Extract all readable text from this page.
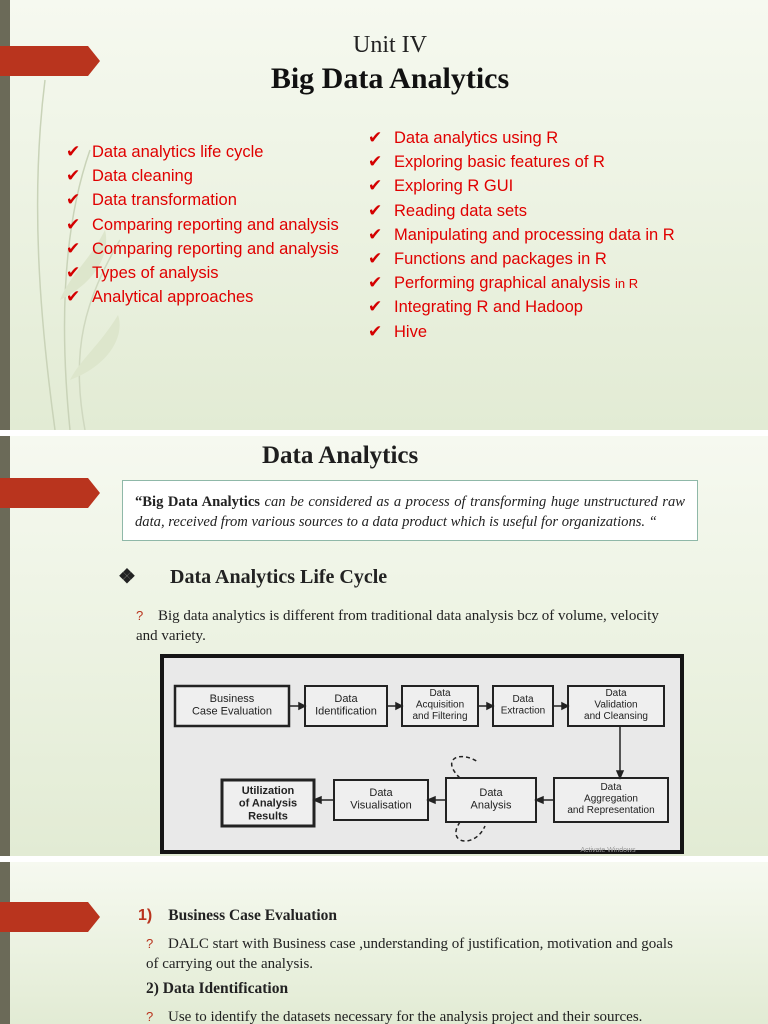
Unit IV
Big Data Analytics
✔ Data analytics life cycle
✔ Data cleaning
✔ Data transformation
✔ Comparing reporting and analysis
✔ Comparing reporting and analysis
✔ Types of analysis
✔ Analytical approaches
✔ Data analytics using R
✔ Exploring basic features of R
✔ Exploring R GUI
✔ Reading data sets
✔ Manipulating and processing data in R
✔ Functions and packages in R
✔ Performing graphical analysis in R
✔ Integrating R and Hadoop
✔ Hive
Data Analytics
“Big Data Analytics can be considered as a process of transforming huge unstructured raw data, received from various sources to a data product which is useful for organizations. “
❖ Data Analytics Life Cycle
? Big data analytics is different from traditional data analysis bcz of volume, velocity and variety.
Business Case Evaluation
Data Identification
Data Acquisition and Filtering
Data Extraction
Data Validation and Cleansing
Data Aggregation and Representation
Data Analysis
Data Visualisation
Utilization of Analysis Results
Activate Windows
1) Business Case Evaluation
? DALC start with Business case ,understanding of justification, motivation and goals of carrying out the analysis.
2) Data Identification
? Use to identify the datasets necessary for the analysis project and their sources.
